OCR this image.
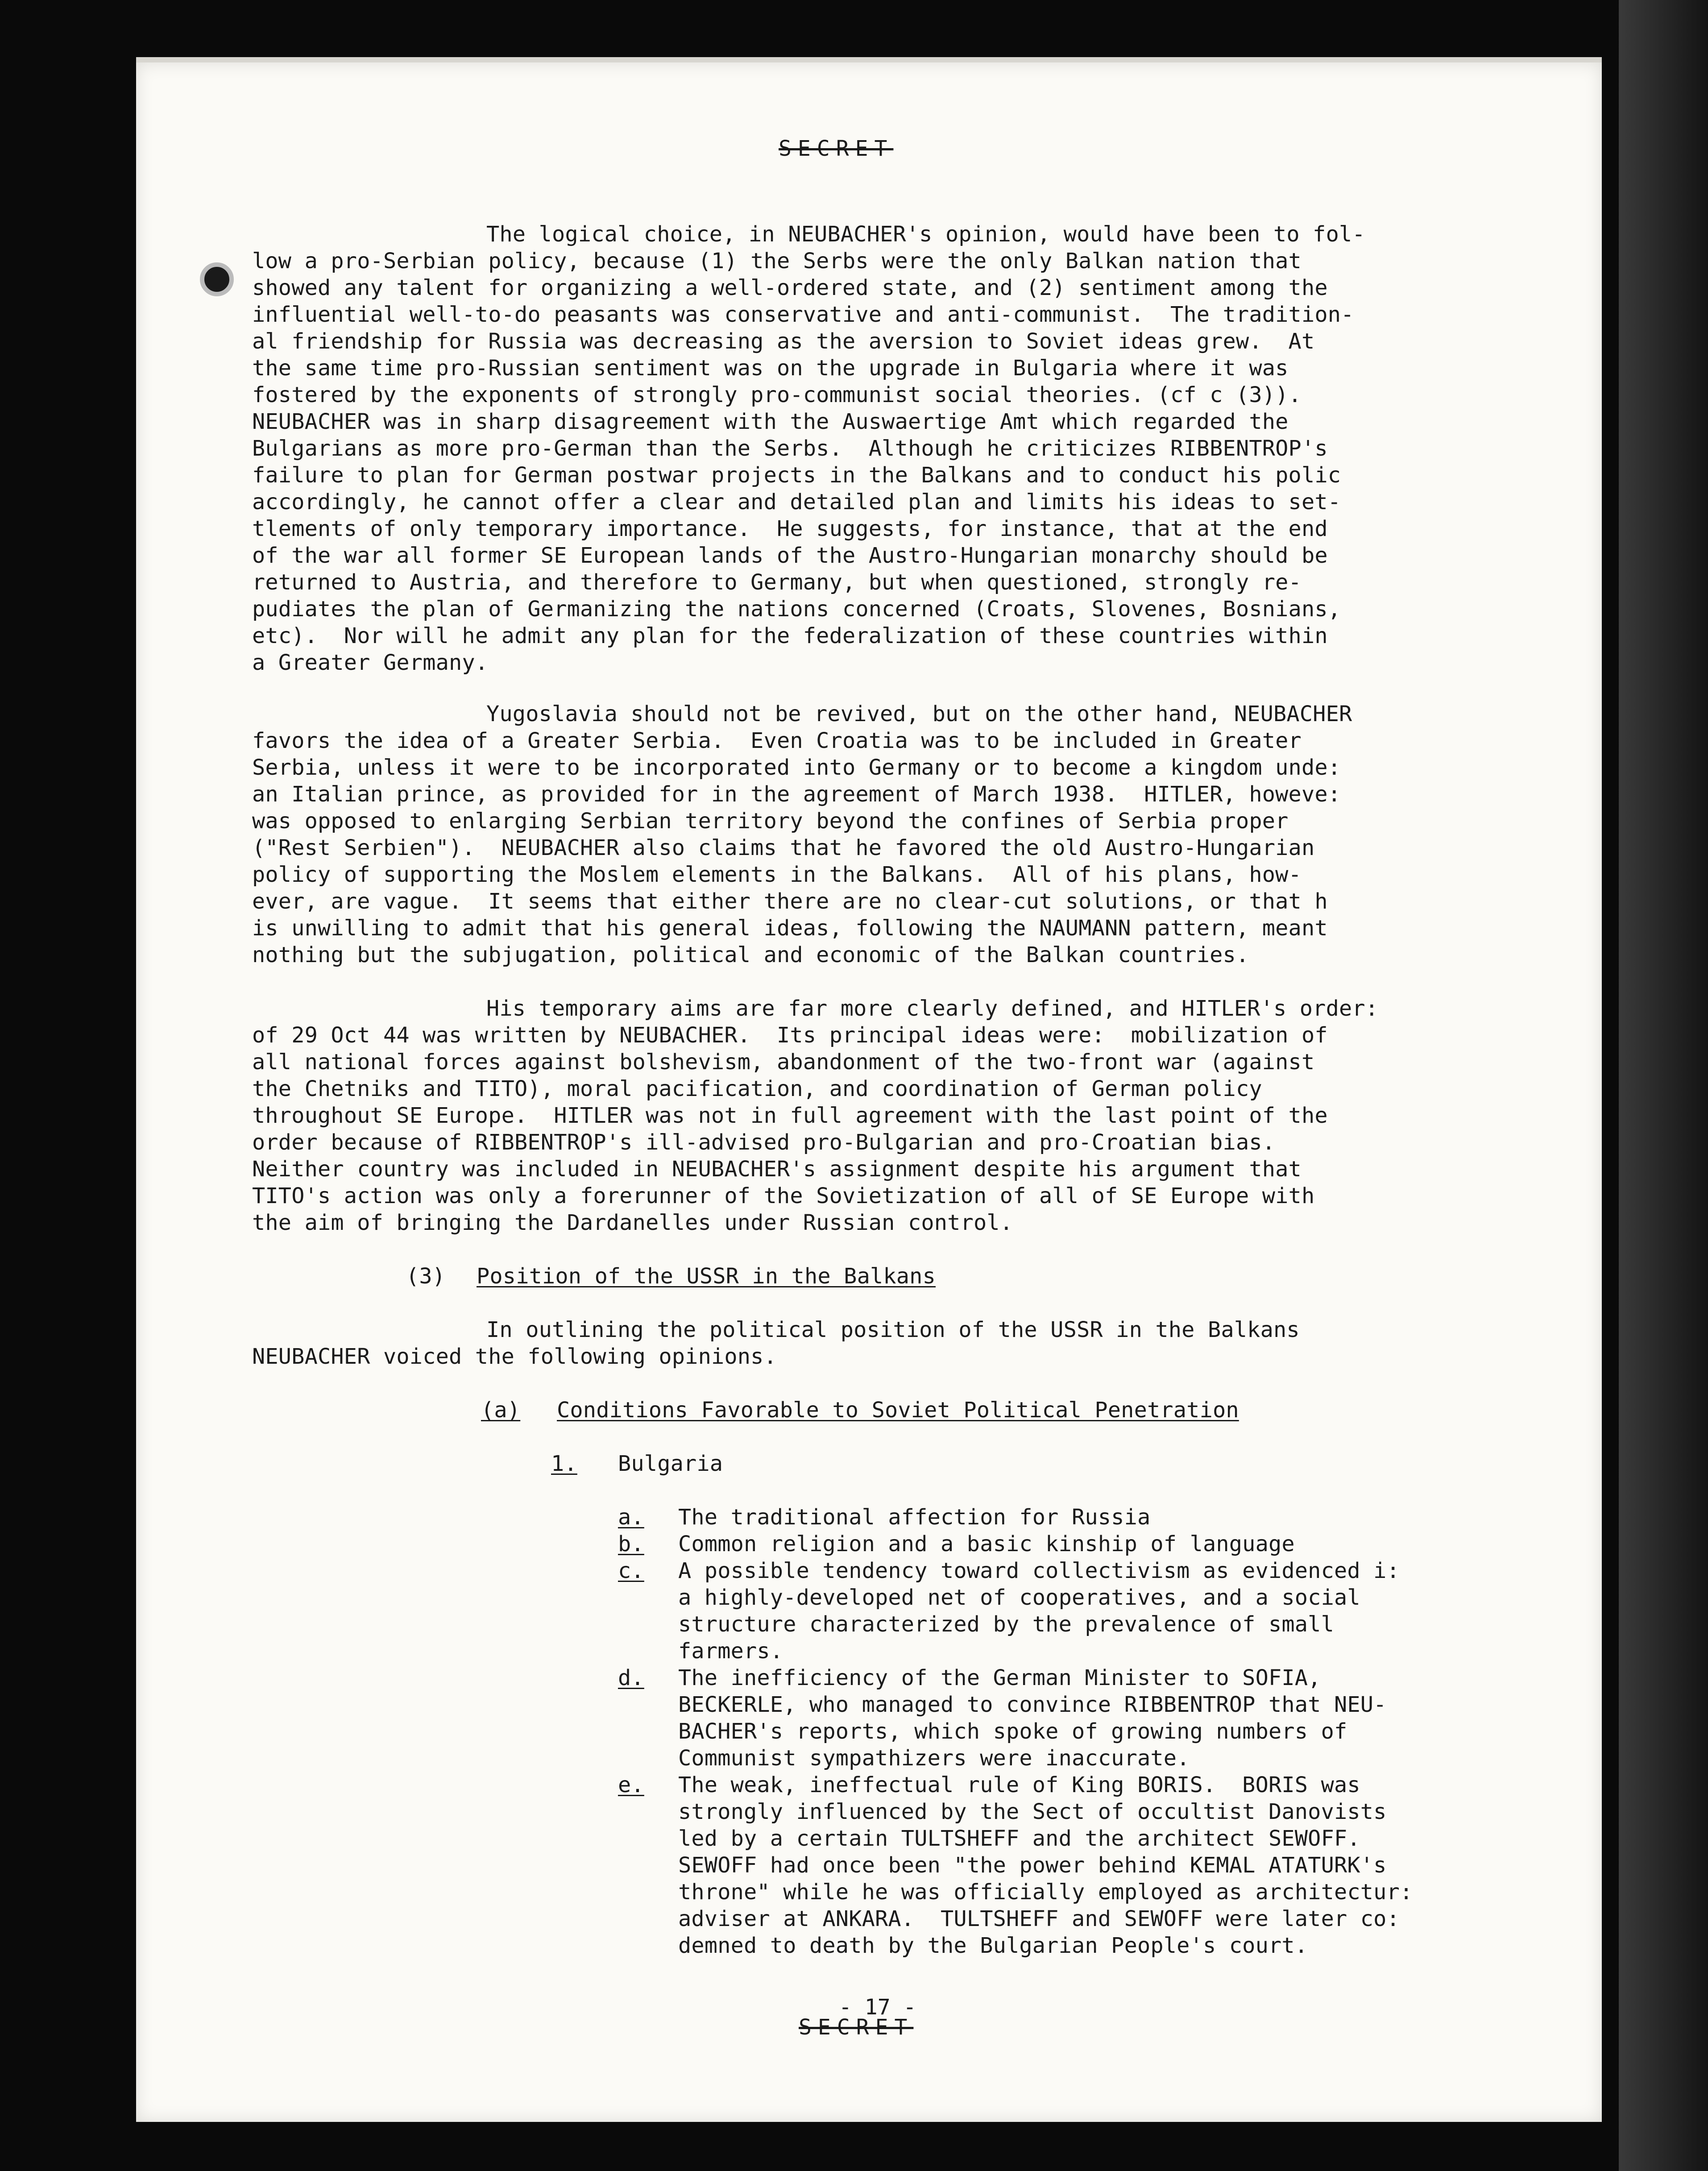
SECRET
The logical choice, in NEUBACHER's opinion, would have been to fol-
low a pro-Serbian policy, because (1) the Serbs were the only Balkan nation that
showed any talent for organizing a well-ordered state, and (2) sentiment among the
influential well-to-do peasants was conservative and anti-communist.  The tradition-
al friendship for Russia was decreasing as the aversion to Soviet ideas grew.  At
the same time pro-Russian sentiment was on the upgrade in Bulgaria where it was
fostered by the exponents of strongly pro-communist social theories. (cf c (3)).
NEUBACHER was in sharp disagreement with the Auswaertige Amt which regarded the
Bulgarians as more pro-German than the Serbs.  Although he criticizes RIBBENTROP's
failure to plan for German postwar projects in the Balkans and to conduct his polic
accordingly, he cannot offer a clear and detailed plan and limits his ideas to set-
tlements of only temporary importance.  He suggests, for instance, that at the end
of the war all former SE European lands of the Austro-Hungarian monarchy should be
returned to Austria, and therefore to Germany, but when questioned, strongly re-
pudiates the plan of Germanizing the nations concerned (Croats, Slovenes, Bosnians,
etc).  Nor will he admit any plan for the federalization of these countries within
a Greater Germany.
Yugoslavia should not be revived, but on the other hand, NEUBACHER
favors the idea of a Greater Serbia.  Even Croatia was to be included in Greater
Serbia, unless it were to be incorporated into Germany or to become a kingdom unde:
an Italian prince, as provided for in the agreement of March 1938.  HITLER, howeve:
was opposed to enlarging Serbian territory beyond the confines of Serbia proper
("Rest Serbien").  NEUBACHER also claims that he favored the old Austro-Hungarian
policy of supporting the Moslem elements in the Balkans.  All of his plans, how-
ever, are vague.  It seems that either there are no clear-cut solutions, or that h
is unwilling to admit that his general ideas, following the NAUMANN pattern, meant
nothing but the subjugation, political and economic of the Balkan countries.
His temporary aims are far more clearly defined, and HITLER's order:
of 29 Oct 44 was written by NEUBACHER.  Its principal ideas were:  mobilization of
all national forces against bolshevism, abandonment of the two-front war (against
the Chetniks and TITO), moral pacification, and coordination of German policy
throughout SE Europe.  HITLER was not in full agreement with the last point of the
order because of RIBBENTROP's ill-advised pro-Bulgarian and pro-Croatian bias.
Neither country was included in NEUBACHER's assignment despite his argument that
TITO's action was only a forerunner of the Sovietization of all of SE Europe with
the aim of bringing the Dardanelles under Russian control.
(3) Position of the USSR in the Balkans
In outlining the political position of the USSR in the Balkans
NEUBACHER voiced the following opinions.
(a) Conditions Favorable to Soviet Political Penetration
1. Bulgaria
a. The traditional affection for Russia
b. Common religion and a basic kinship of language
c. A possible tendency toward collectivism as evidenced i:
a highly-developed net of cooperatives, and a social
structure characterized by the prevalence of small
farmers.
d. The inefficiency of the German Minister to SOFIA,
BECKERLE, who managed to convince RIBBENTROP that NEU-
BACHER's reports, which spoke of growing numbers of
Communist sympathizers were inaccurate.
e. The weak, ineffectual rule of King BORIS.  BORIS was
strongly influenced by the Sect of occultist Danovists
led by a certain TULTSHEFF and the architect SEWOFF.
SEWOFF had once been "the power behind KEMAL ATATURK's
throne" while he was officially employed as architectur:
adviser at ANKARA.  TULTSHEFF and SEWOFF were later co:
demned to death by the Bulgarian People's court.
- 17 -
SECRET
